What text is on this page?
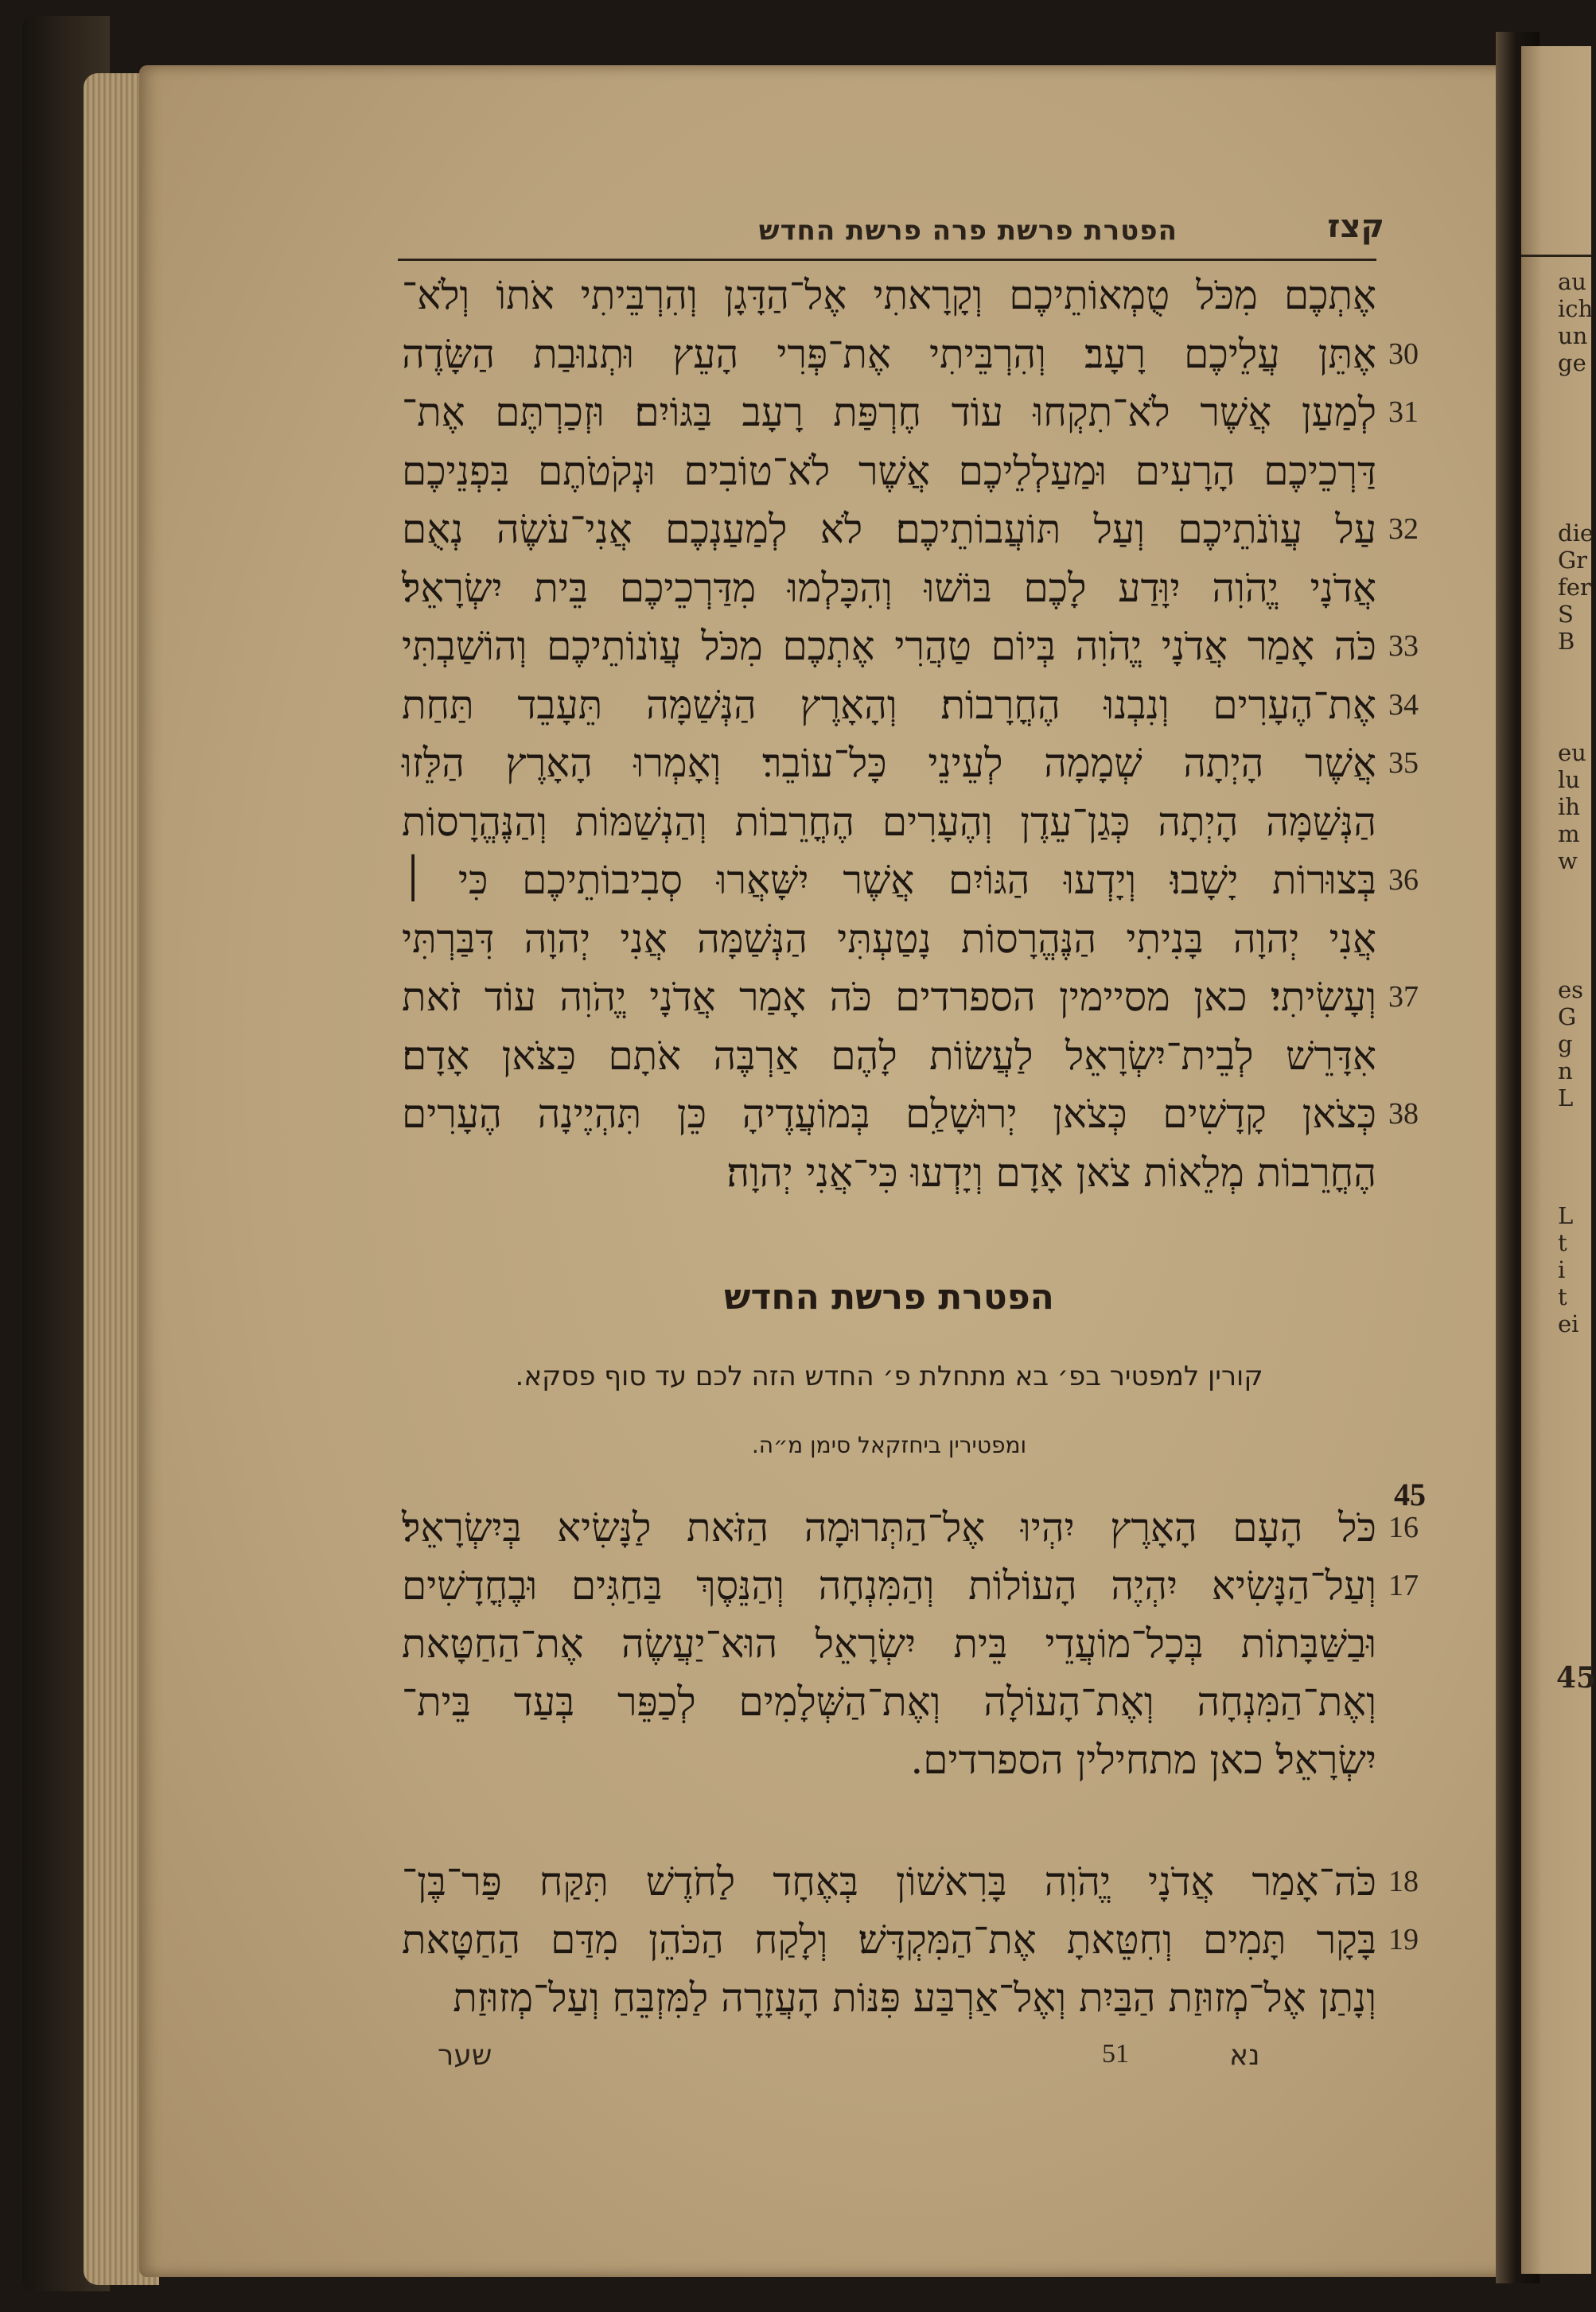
au
ich
un
ge
die
Gr
fer
S
B
eu
lu
ih
m
w
es
G
g
n
L
L
t
i
t
ei
45
קצז
הפטרת פרשת פרה פרשת החדש
אֶתְכֶם מִכֹּל טֻמְאוֹתֵיכֶם וְקָרָאתִי אֶל־הַדָּגָן וְהִרְבֵּיתִי אֹתוֹ וְלֹא־
אֶתֵּן עֲלֵיכֶם רָעָב׃ וְהִרְבֵּיתִי אֶת־פְּרִי הָעֵץ וּתְנוּבַת הַשָּׂדֶה 30
לְמַעַן אֲשֶׁר לֹא־תִקְחוּ עוֹד חֶרְפַּת רָעָב בַּגּוֹיִם׃ וּזְכַרְתֶּם אֶת־ 31
דַּרְכֵיכֶם הָרָעִים וּמַעַלְלֵיכֶם אֲשֶׁר לֹא־טוֹבִים וּנְקֹטֹתֶם בִּפְנֵיכֶם
עַל עֲוֺנֹתֵיכֶם וְעַל תּוֹעֲבוֹתֵיכֶם׃ לֹא לְמַעַנְכֶם אֲנִי־עֹשֶׂה נְאֻם 32
אֲדֹנָי יֱהֹוִה יִוָּדַע לָכֶם בּוֹשׁוּ וְהִכָּלְמוּ מִדַּרְכֵיכֶם בֵּית יִשְׂרָאֵל׃
כֹּה אָמַר אֲדֹנָי יֱהֹוִה בְּיוֹם טַהֲרִי אֶתְכֶם מִכֹּל עֲוֺנוֹתֵיכֶם וְהוֹשַׁבְתִּי 33
אֶת־הֶעָרִים וְנִבְנוּ הֶחֳרָבוֹת׃ וְהָאָרֶץ הַנְּשַׁמָּה תֵּעָבֵד תַּחַת 34
אֲשֶׁר הָיְתָה שְׁמָמָה לְעֵינֵי כָּל־עוֹבֵר׃ וְאָמְרוּ הָאָרֶץ הַלֵּזוּ 35
הַנְּשַׁמָּה הָיְתָה כְּגַן־עֵדֶן וְהֶעָרִים הֶחֳרֵבוֹת וְהַנְשַׁמּוֹת וְהַנֶּהֱרָסוֹת
בְּצוּרוֹת יָשָׁבוּ׃ וְיָדְעוּ הַגּוֹיִם אֲשֶׁר יִשָּׁאֲרוּ סְבִיבוֹתֵיכֶם כִּי ׀ 36
אֲנִי יְהוָה בָּנִיתִי הַנֶּהֱרָסוֹת נָטַעְתִּי הַנְּשַׁמָּה אֲנִי יְהוָה דִּבַּרְתִּי
וְעָשִׂיתִי׃ כאן מסיימין הספרדים כֹּה אָמַר אֲדֹנָי יֱהֹוִה עוֹד זֹאת 37
אִדָּרֵשׁ לְבֵית־יִשְׂרָאֵל לַעֲשׂוֹת לָהֶם אַרְבֶּה אֹתָם כַּצֹּאן אָדָם׃
כְּצֹאן קָדָשִׁים כְּצֹאן יְרוּשָׁלִַם בְּמוֹעֲדֶיהָ כֵּן תִּהְיֶינָה הֶעָרִים 38
הֶחֳרֵבוֹת מְלֵאוֹת צֹאן אָדָם וְיָדְעוּ כִּי־אֲנִי יְהוָה׃
הפטרת פרשת החדש
קורין למפטיר בפ׳ בא מתחלת פ׳ החדש הזה לכם עד סוף פסקא.
ומפטירין ביחזקאל סימן מ״ה.
45
כֹּל הָעָם הָאָרֶץ יִהְיוּ אֶל־הַתְּרוּמָה הַזֹּאת לַנָּשִׂיא בְּיִשְׂרָאֵל׃ 16
וְעַל־הַנָּשִׂיא יִהְיֶה הָעוֹלוֹת וְהַמִּנְחָה וְהַנֵּסֶךְ בַּחַגִּים וּבֶחֳדָשִׁים 17
וּבַשַּׁבָּתוֹת בְּכָל־מוֹעֲדֵי בֵּית יִשְׂרָאֵל הוּא־יַעֲשֶׂה אֶת־הַחַטָּאת
וְאֶת־הַמִּנְחָה וְאֶת־הָעוֹלָה וְאֶת־הַשְּׁלָמִים לְכַפֵּר בְּעַד בֵּית־
יִשְׂרָאֵל׃ כאן מתחילין הספרדים.
כֹּה־אָמַר אֲדֹנָי יֱהֹוִה בָּרִאשׁוֹן בְּאֶחָד לַחֹדֶשׁ תִּקַּח פַּר־בֶּן־ 18
בָּקָר תָּמִים וְחִטֵּאתָ אֶת־הַמִּקְדָּשׁ׃ וְלָקַח הַכֹּהֵן מִדַּם הַחַטָּאת 19
וְנָתַן אֶל־מְזוּזַת הַבַּיִת וְאֶל־אַרְבַּע פִּנּוֹת הָעֲזָרָה לַמִּזְבֵּחַ וְעַל־מְזוּזַת
51	נא
שער
